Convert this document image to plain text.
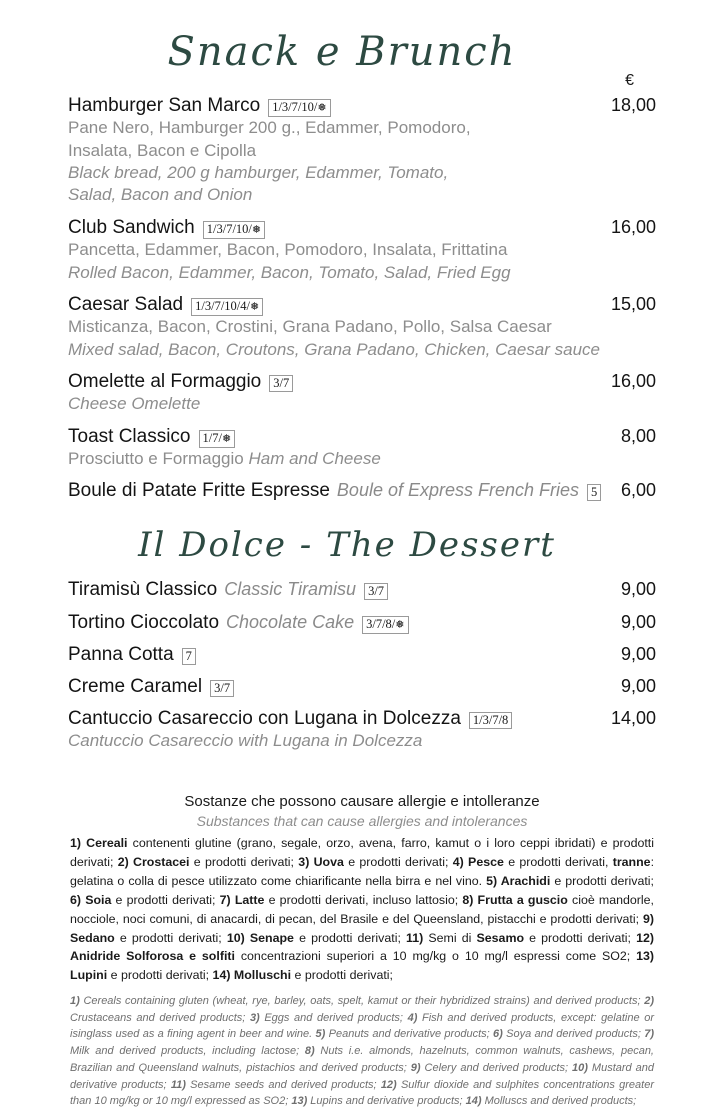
Snack e Brunch
€
Hamburger San Marco 1/3/7/10/❅	18,00
Pane Nero, Hamburger 200 g., Edammer, Pomodoro,
Insalata, Bacon e Cipolla
Black bread, 200 g hamburger, Edammer, Tomato,
Salad, Bacon and Onion
Club Sandwich 1/3/7/10/❅	16,00
Pancetta, Edammer, Bacon, Pomodoro, Insalata, Frittatina
Rolled Bacon, Edammer, Bacon, Tomato, Salad, Fried Egg
Caesar Salad 1/3/7/10/4/❅	15,00
Misticanza, Bacon, Crostini, Grana Padano, Pollo, Salsa Caesar
Mixed salad, Bacon, Croutons, Grana Padano, Chicken, Caesar sauce
Omelette al Formaggio 3/7	16,00
Cheese Omelette
Toast Classico 1/7/❅	8,00
Prosciutto e Formaggio Ham and Cheese
Boule di Patate Fritte Espresse Boule of Express French Fries 5	6,00
Il Dolce - The Dessert
Tiramisù Classico Classic Tiramisu 3/7	9,00
Tortino Cioccolato Chocolate Cake 3/7/8/❅	9,00
Panna Cotta 7	9,00
Creme Caramel 3/7	9,00
Cantuccio Casareccio con Lugana in Dolcezza 1/3/7/8	14,00
Cantuccio Casareccio with Lugana in Dolcezza
Sostanze che possono causare allergie e intolleranze
Substances that can cause allergies and intolerances
1) Cereali contenenti glutine (grano, segale, orzo, avena, farro, kamut o i loro ceppi ibridati) e prodotti derivati; 2) Crostacei e prodotti derivati; 3) Uova e prodotti derivati; 4) Pesce e prodotti derivati, tranne: gelatina o colla di pesce utilizzato come chiarificante nella birra e nel vino. 5) Arachidi e prodotti derivati; 6) Soia e prodotti derivati; 7) Latte e prodotti derivati, incluso lattosio; 8) Frutta a guscio cioè mandorle, nocciole, noci comuni, di anacardi, di pecan, del Brasile e del Queensland, pistacchi e prodotti derivati; 9) Sedano e prodotti derivati; 10) Senape e prodotti derivati; 11) Semi di Sesamo e prodotti derivati; 12) Anidride Solforosa e solfiti concentrazioni superiori a 10 mg/kg o 10 mg/l espressi come SO2; 13) Lupini e prodotti derivati; 14) Molluschi e prodotti derivati;
1) Cereals containing gluten (wheat, rye, barley, oats, spelt, kamut or their hybridized strains) and derived products; 2) Crustaceans and derived products; 3) Eggs and derived products; 4) Fish and derived products, except: gelatine or isinglass used as a fining agent in beer and wine. 5) Peanuts and derivative products; 6) Soya and derived products; 7) Milk and derived products, including lactose; 8) Nuts i.e. almonds, hazelnuts, common walnuts, cashews, pecan, Brazilian and Queensland walnuts, pistachios and derived products; 9) Celery and derived products; 10) Mustard and derivative products; 11) Sesame seeds and derived products; 12) Sulfur dioxide and sulphites concentrations greater than 10 mg/kg or 10 mg/l expressed as SO2; 13) Lupins and derivative products; 14) Molluscs and derived products;
